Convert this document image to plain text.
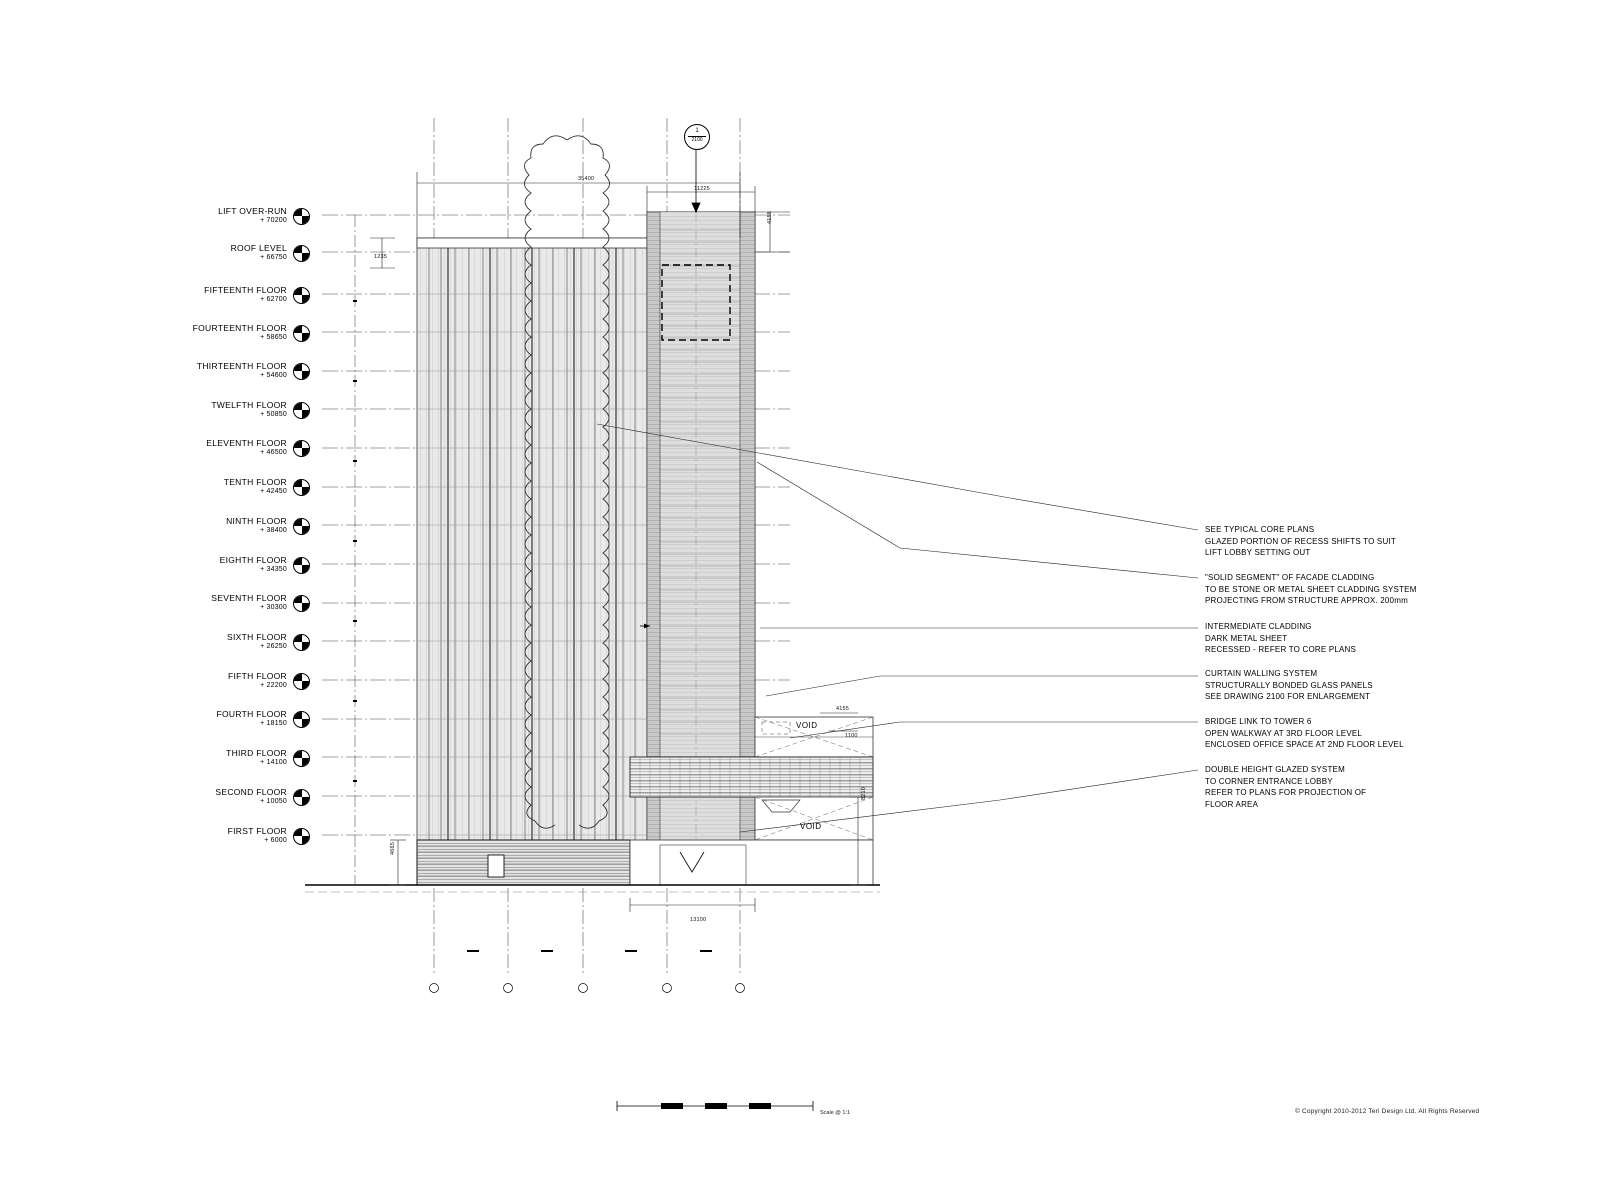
1
2100
LIFT OVER-RUN
+ 70200
ROOF LEVEL
+ 66750
FIFTEENTH FLOOR
+ 62700
FOURTEENTH FLOOR
+ 58650
THIRTEENTH FLOOR
+ 54600
TWELFTH FLOOR
+ 50850
ELEVENTH FLOOR
+ 46500
TENTH FLOOR
+ 42450
NINTH FLOOR
+ 38400
EIGHTH FLOOR
+ 34350
SEVENTH FLOOR
+ 30300
SIXTH FLOOR
+ 26250
FIFTH FLOOR
+ 22200
FOURTH FLOOR
+ 18150
THIRD FLOOR
+ 14100
SECOND FLOOR
+ 10050
FIRST FLOOR
+ 6000
SEE TYPICAL CORE PLANS
GLAZED PORTION OF RECESS SHIFTS TO SUIT
LIFT LOBBY SETTING OUT
"SOLID SEGMENT" OF FACADE CLADDING
TO BE STONE OR METAL SHEET CLADDING SYSTEM
PROJECTING FROM STRUCTURE APPROX. 200mm
INTERMEDIATE CLADDING
DARK METAL SHEET
RECESSED - REFER TO CORE PLANS
CURTAIN WALLING SYSTEM
STRUCTURALLY BONDED GLASS PANELS
SEE DRAWING 2100 FOR ENLARGEMENT
BRIDGE LINK TO TOWER 6
OPEN WALKWAY AT 3RD FLOOR LEVEL
ENCLOSED OFFICE SPACE AT 2ND FLOOR LEVEL
DOUBLE HEIGHT GLAZED SYSTEM
TO CORNER ENTRANCE LOBBY
REFER TO PLANS FOR PROJECTION OF
FLOOR AREA
35400
11225
4155
1235
4155
1100
8210
4665
13100
VOID
VOID
Scale @ 1:1	© Copyright 2010-2012 Teri Design Ltd. All Rights Reserved
